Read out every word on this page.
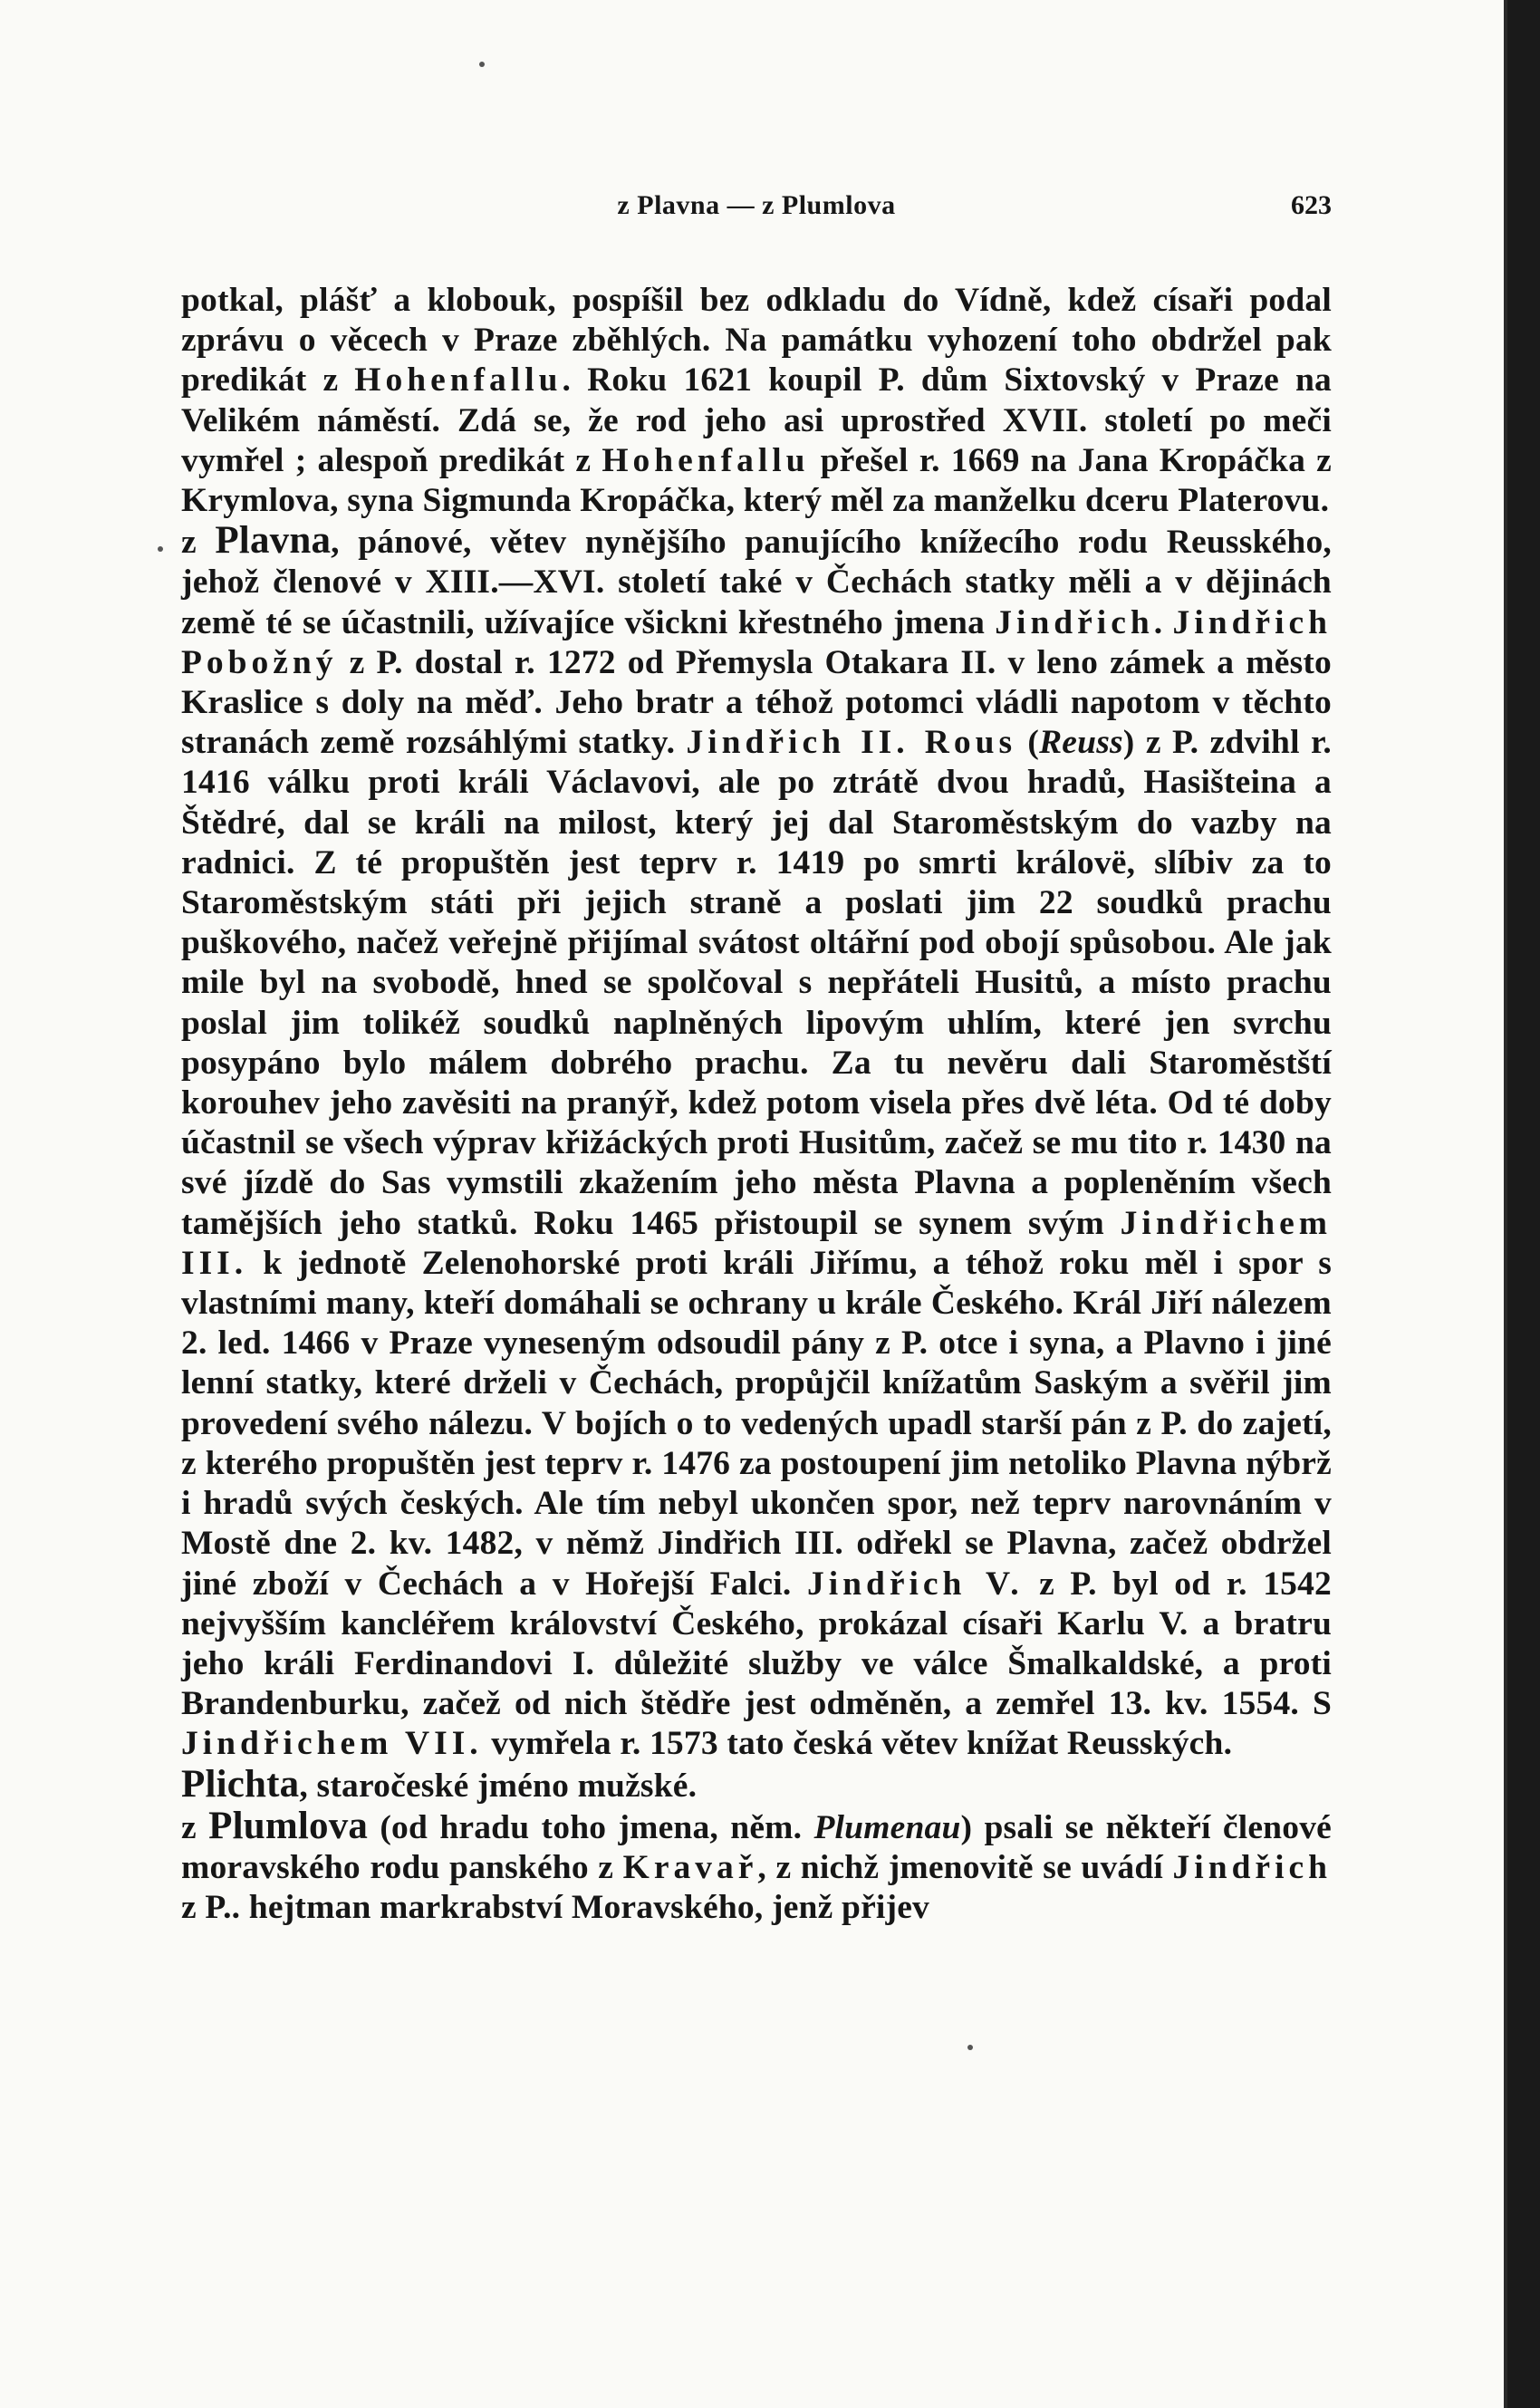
z Plavna — z Plumlova	623

potkal, plášť a klobouk, pospíšil bez odkladu do Vídně, kdež císaři podal zprávu o věcech v Praze zběhlých. Na památku vyhození toho obdržel pak predikát z Hohenfallu. Roku 1621 koupil P. dům Sixtovský v Praze na Velikém náměstí. Zdá se, že rod jeho asi uprostřed XVII. století po meči vymřel ; alespoň predikát z Hohenfallu přešel r. 1669 na Jana Kropáčka z Krymlova, syna Sigmunda Kropáčka, který měl za manželku dceru Platerovu.

z Plavna, pánové, větev nynějšího panujícího knížecího rodu Reusského, jehož členové v XIII.—XVI. století také v Čechách statky měli a v dějinách země té se účastnili, užívajíce všickni křestného jmena Jindřich. Jindřich Pobožný z P. dostal r. 1272 od Přemysla Otakara II. v leno zámek a město Kraslice s doly na měď. Jeho bratr a téhož potomci vládli napotom v těchto stranách země rozsáhlými statky. Jindřich II. Rous (Reuss) z P. zdvihl r. 1416 válku proti králi Václavovi, ale po ztrátě dvou hradů, Hasišteina a Štědré, dal se králi na milost, který jej dal Staroměstským do vazby na radnici. Z té propuštěn jest teprv r. 1419 po smrti královë, slíbiv za to Staroměstským státi při jejich straně a poslati jim 22 soudků prachu puškového, načež veřejně přijímal svátost oltářní pod obojí spůsobou. Ale jak mile byl na svobodě, hned se spolčoval s nepřáteli Husitů, a místo prachu poslal jim tolikéž soudků naplněných lipovým uhlím, které jen svrchu posypáno bylo málem dobrého prachu. Za tu nevěru dali Staroměstští korouhev jeho zavěsiti na pranýř, kdež potom visela přes dvě léta. Od té doby účastnil se všech výprav křižáckých proti Husitům, začež se mu tito r. 1430 na své jízdě do Sas vymstili zkažením jeho města Plavna a popleněním všech tamějších jeho statků. Roku 1465 přistoupil se synem svým Jindřichem III. k jednotě Zelenohorské proti králi Jiřímu, a téhož roku měl i spor s vlastními many, kteří domáhali se ochrany u krále Českého. Král Jiří nálezem 2. led. 1466 v Praze vyneseným odsoudil pány z P. otce i syna, a Plavno i jiné lenní statky, které drželi v Čechách, propůjčil knížatům Saským a svěřil jim provedení svého nálezu. V bojích o to vedených upadl starší pán z P. do zajetí, z kterého propuštěn jest teprv r. 1476 za postoupení jim netoliko Plavna nýbrž i hradů svých českých. Ale tím nebyl ukončen spor, než teprv narovnáním v Mostě dne 2. kv. 1482, v němž Jindřich III. odřekl se Plavna, začež obdržel jiné zboží v Čechách a v Hořejší Falci. Jindřich V. z P. byl od r. 1542 nejvyšším kancléřem království Českého, prokázal císaři Karlu V. a bratru jeho králi Ferdinandovi I. důležité služby ve válce Šmalkaldské, a proti Brandenburku, začež od nich štědře jest odměněn, a zemřel 13. kv. 1554. S Jindřichem VII. vymřela r. 1573 tato česká větev knížat Reusských.

Plichta, staročeské jméno mužské.

z Plumlova (od hradu toho jmena, něm. Plumenau) psali se někteří členové moravského rodu panského z Kravař, z nichž jmenovitě se uvádí Jindřich z P.. hejtman markrabství Moravského, jenž přijev
